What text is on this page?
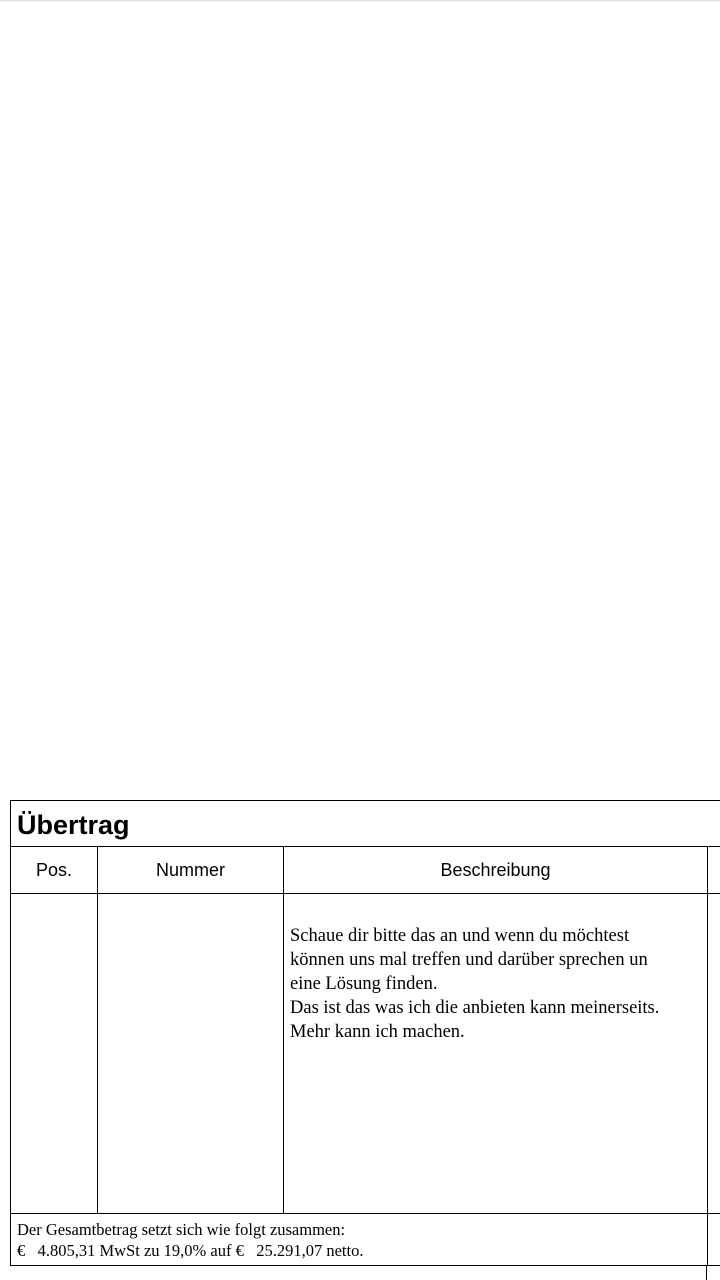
Übertrag
Pos.	Nummer	Beschreibung
Schaue dir bitte das an und wenn du möchtest
können uns mal treffen und darüber sprechen un
eine Lösung finden.
Das ist das was ich die anbieten kann meinerseits.
Mehr kann ich machen.
Der Gesamtbetrag setzt sich wie folgt zusammen:
€   4.805,31 MwSt zu 19,0% auf €   25.291,07 netto.
